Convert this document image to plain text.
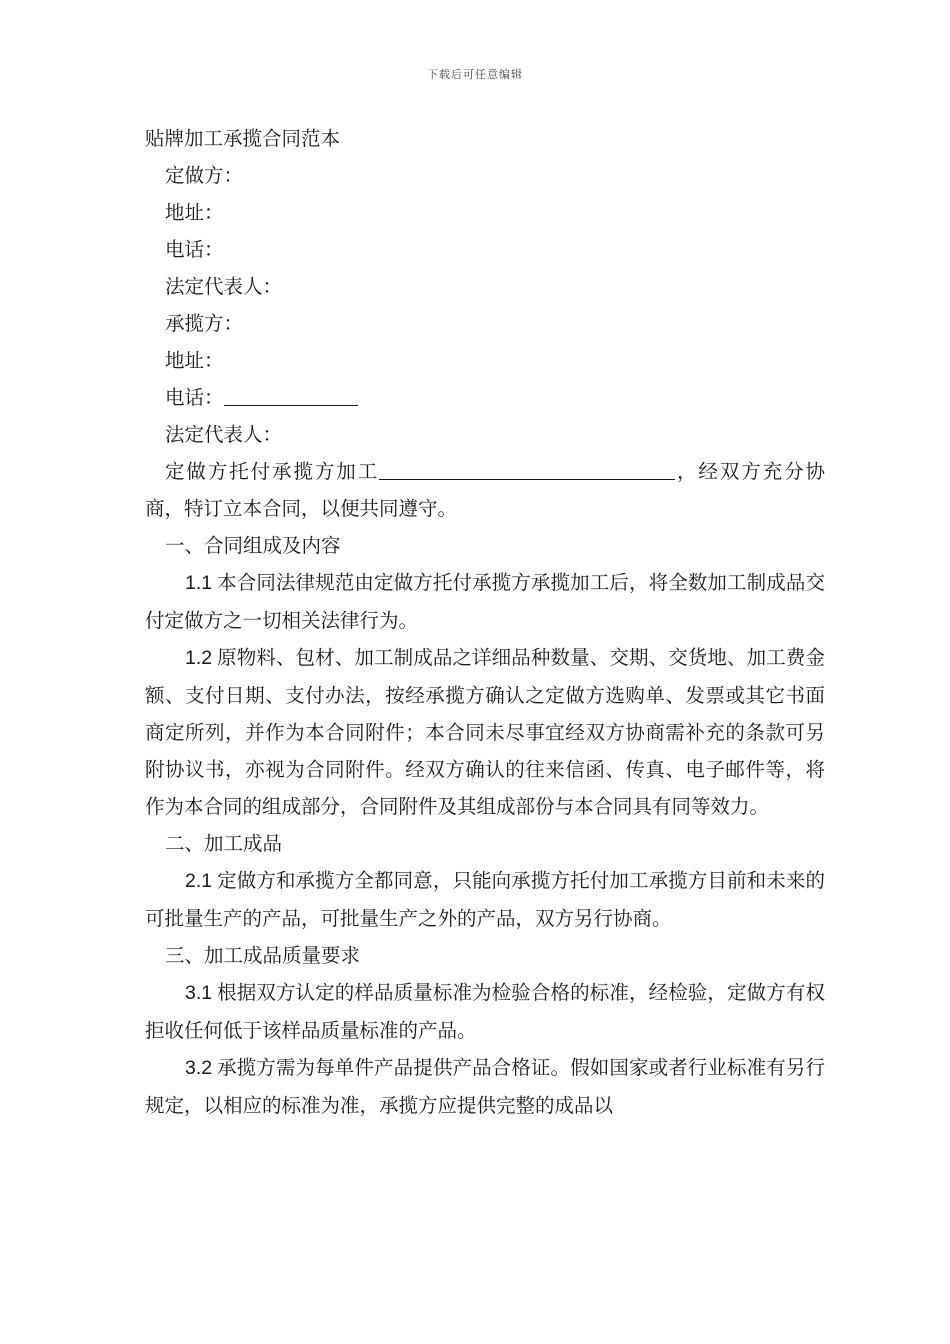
下载后可任意编辑

贴牌加工承揽合同范本

定做方：

地址：

电话：

法定代表人：

承揽方：

地址：

电话：

法定代表人：

定做方托付承揽方加工	，经双方充分协商，特订立本合同，以便共同遵守。

一、合同组成及内容

1.1 本合同法律规范由定做方托付承揽方承揽加工后，将全数加工制成品交付定做方之一切相关法律行为。

1.2 原物料、包材、加工制成品之详细品种数量、交期、交货地、加工费金额、支付日期、支付办法，按经承揽方确认之定做方选购单、发票或其它书面商定所列，并作为本合同附件；本合同未尽事宜经双方协商需补充的条款可另附协议书，亦视为合同附件。经双方确认的往来信函、传真、电子邮件等，将作为本合同的组成部分，合同附件及其组成部份与本合同具有同等效力。

二、加工成品

2.1 定做方和承揽方全都同意，只能向承揽方托付加工承揽方目前和未来的可批量生产的产品，可批量生产之外的产品，双方另行协商。

三、加工成品质量要求

3.1 根据双方认定的样品质量标准为检验合格的标准，经检验，定做方有权拒收任何低于该样品质量标准的产品。

3.2 承揽方需为每单件产品提供产品合格证。假如国家或者行业标准有另行规定，以相应的标准为准，承揽方应提供完整的成品以
